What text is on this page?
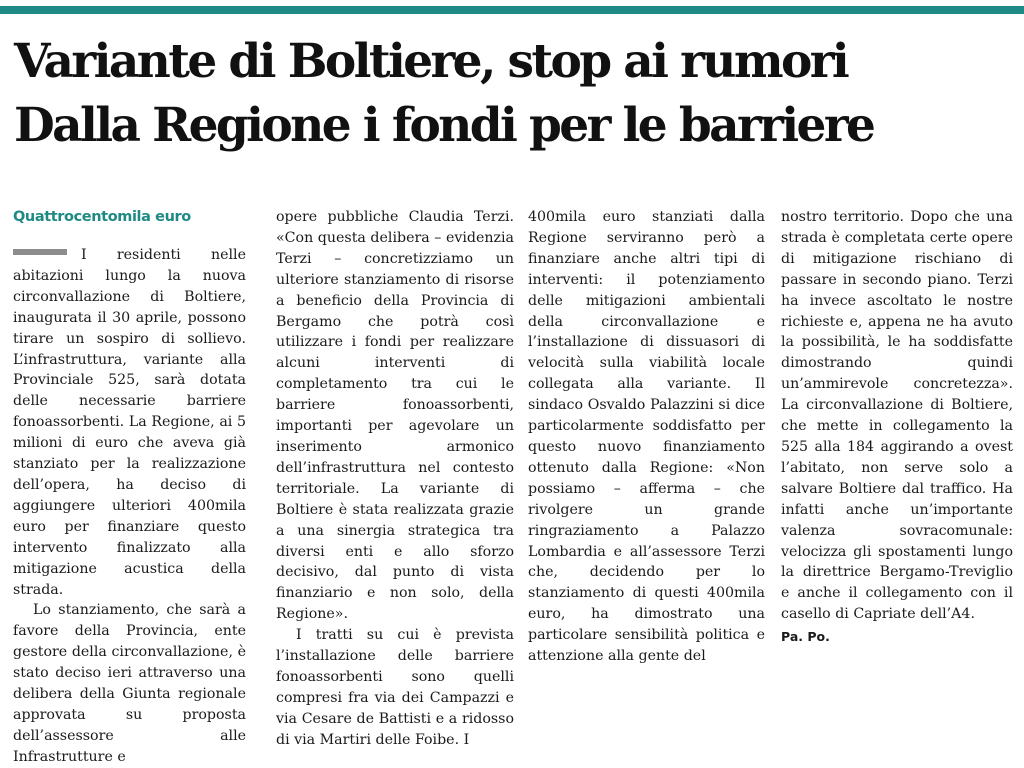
Variante di Boltiere, stop ai rumori
Dalla Regione i fondi per le barriere
Quattrocentomila euro

I residenti nelle abitazioni lungo la nuova circonvallazione di Boltiere, inaugurata il 30 aprile, possono tirare un sospiro di sollievo. L’infrastruttura, variante alla Provinciale 525, sarà dotata delle necessarie barriere fonoassorbenti. La Regione, ai 5 milioni di euro che aveva già stanziato per la realizzazione dell’opera, ha deciso di aggiungere ulteriori 400mila euro per finanziare questo intervento finalizzato alla mitigazione acustica della strada.

Lo stanziamento, che sarà a favore della Provincia, ente gestore della circonvallazione, è stato deciso ieri attraverso una delibera della Giunta regionale approvata su proposta dell’assessore alle Infrastrutture e

opere pubbliche Claudia Terzi. «Con questa delibera – evidenzia Terzi – concretizziamo un ulteriore stanziamento di risorse a beneficio della Provincia di Bergamo che potrà così utilizzare i fondi per realizzare alcuni interventi di completamento tra cui le barriere fonoassorbenti, importanti per agevolare un inserimento armonico dell’infrastruttura nel contesto territoriale. La variante di Boltiere è stata realizzata grazie a una sinergia strategica tra diversi enti e allo sforzo decisivo, dal punto di vista finanziario e non solo, della Regione».

I tratti su cui è prevista l’installazione delle barriere fonoassorbenti sono quelli compresi fra via dei Campazzi e via Cesare de Battisti e a ridosso di via Martiri delle Foibe. I

400mila euro stanziati dalla Regione serviranno però a finanziare anche altri tipi di interventi: il potenziamento delle mitigazioni ambientali della circonvallazione e l’installazione di dissuasori di velocità sulla viabilità locale collegata alla variante. Il sindaco Osvaldo Palazzini si dice particolarmente soddisfatto per questo nuovo finanziamento ottenuto dalla Regione: «Non possiamo – afferma – che rivolgere un grande ringraziamento a Palazzo Lombardia e all’assessore Terzi che, decidendo per lo stanziamento di questi 400mila euro, ha dimostrato una particolare sensibilità politica e attenzione alla gente del

nostro territorio. Dopo che una strada è completata certe opere di mitigazione rischiano di passare in secondo piano. Terzi ha invece ascoltato le nostre richieste e, appena ne ha avuto la possibilità, le ha soddisfatte dimostrando quindi un’ammirevole concretezza». La circonvallazione di Boltiere, che mette in collegamento la 525 alla 184 aggirando a ovest l’abitato, non serve solo a salvare Boltiere dal traffico. Ha infatti anche un’importante valenza sovracomunale: velocizza gli spostamenti lungo la direttrice Bergamo-Treviglio e anche il collegamento con il casello di Capriate dell’A4.

Pa. Po.
